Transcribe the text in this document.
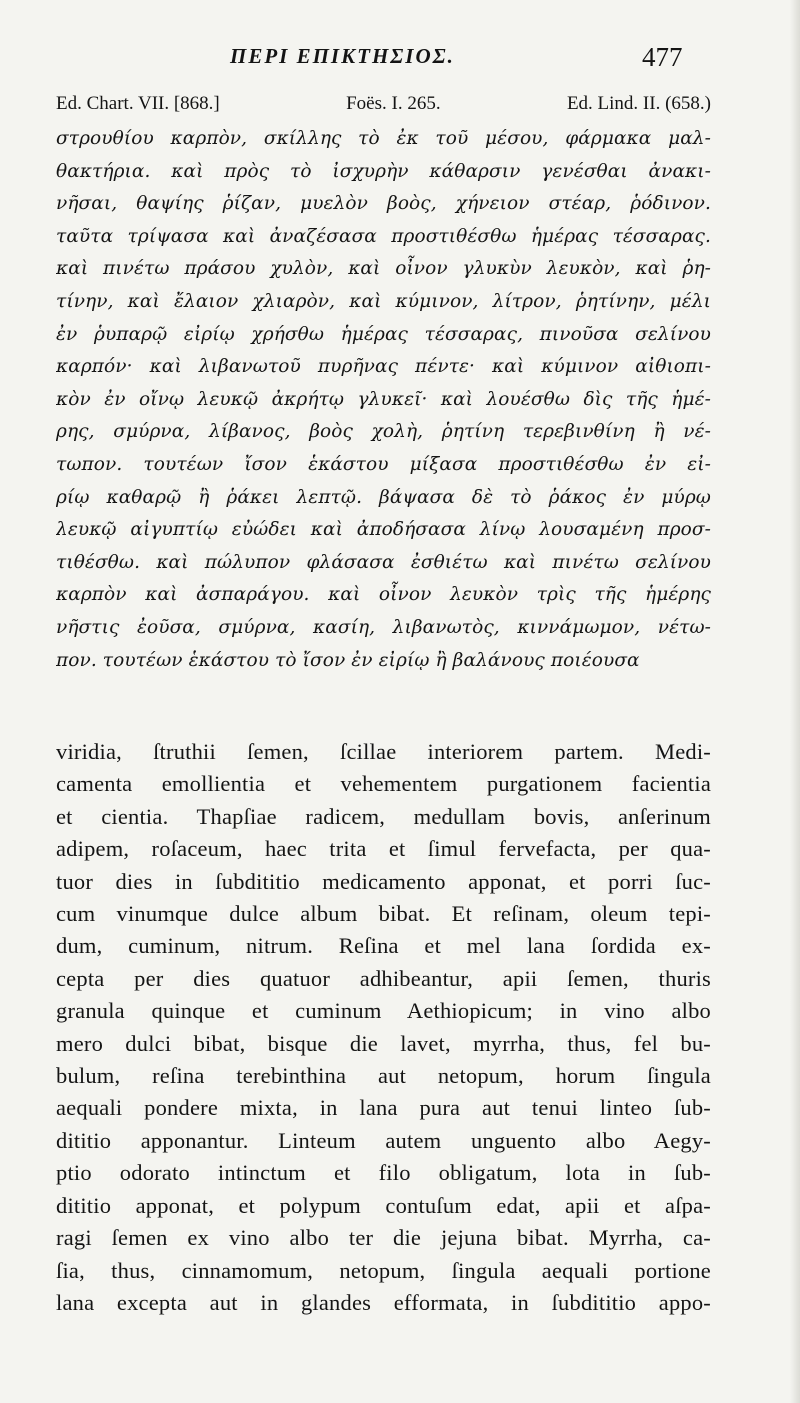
ΠΕΡΙ ΕΠΙΚΤΗΣΙΟΣ.	477
Ed. Chart. VII. [868.]	Foës. I. 265.	Ed. Lind. II. (658.)
στρουθίου καρπὸν, σκίλλης τὸ ἐκ τοῦ μέσου, φάρμακα μαλ-
θακτήρια. καὶ πρὸς τὸ ἰσχυρὴν κάθαρσιν γενέσθαι ἀνακι-
νῆσαι, θαψίης ῥίζαν, μυελὸν βοὸς, χήνειον στέαρ, ῥόδινον.
ταῦτα τρίψασα καὶ ἀναζέσασα προστιθέσθω ἡμέρας τέσσαρας.
καὶ πινέτω πράσου χυλὸν, καὶ οἶνον γλυκὺν λευκὸν, καὶ ῥη-
τίνην, καὶ ἔλαιον χλιαρὸν, καὶ κύμινον, λίτρον, ῥητίνην, μέλι
ἐν ῥυπαρῷ εἰρίῳ χρήσθω ἡμέρας τέσσαρας, πινοῦσα σελίνου
καρπόν· καὶ λιβανωτοῦ πυρῆνας πέντε· καὶ κύμινον αἰθιοπι-
κὸν ἐν οἴνῳ λευκῷ ἀκρήτῳ γλυκεῖ· καὶ λουέσθω δὶς τῆς ἡμέ-
ρης, σμύρνα, λίβανος, βοὸς χολὴ, ῥητίνη τερεβινθίνη ἢ νέ-
τωπον. τουτέων ἴσον ἑκάστου μίξασα προστιθέσθω ἐν εἰ-
ρίῳ καθαρῷ ἢ ῥάκει λεπτῷ. βάψασα δὲ τὸ ῥάκος ἐν μύρῳ
λευκῷ αἰγυπτίῳ εὐώδει καὶ ἀποδήσασα λίνῳ λουσαμένη προσ-
τιθέσθω. καὶ πώλυπον φλάσασα ἐσθιέτω καὶ πινέτω σελίνου
καρπὸν καὶ ἀσπαράγου. καὶ οἶνον λευκὸν τρὶς τῆς ἡμέρης
νῆστις ἐοῦσα, σμύρνα, κασίη, λιβανωτὸς, κιννάμωμον, νέτω-
πον. τουτέων ἑκάστου τὸ ἴσον ἐν εἰρίῳ ἢ βαλάνους ποιέουσα
viridia, ſtruthii ſemen, ſcillae interiorem partem. Medi-
camenta emollientia et vehementem purgationem facientia
et cientia. Thapſiae radicem, medullam bovis, anſerinum
adipem, roſaceum, haec trita et ſimul fervefacta, per qua-
tuor dies in ſubdititio medicamento apponat, et porri ſuc-
cum vinumque dulce album bibat. Et reſinam, oleum tepi-
dum, cuminum, nitrum. Reſina et mel lana ſordida ex-
cepta per dies quatuor adhibeantur, apii ſemen, thuris
granula quinque et cuminum Aethiopicum; in vino albo
mero dulci bibat, bisque die lavet, myrrha, thus, fel bu-
bulum, reſina terebinthina aut netopum, horum ſingula
aequali pondere mixta, in lana pura aut tenui linteo ſub-
dititio apponantur. Linteum autem unguento albo Aegy-
ptio odorato intinctum et filo obligatum, lota in ſub-
dititio apponat, et polypum contuſum edat, apii et aſpa-
ragi ſemen ex vino albo ter die jejuna bibat. Myrrha, ca-
ſia, thus, cinnamomum, netopum, ſingula aequali portione
lana excepta aut in glandes efformata, in ſubdititio appo-
